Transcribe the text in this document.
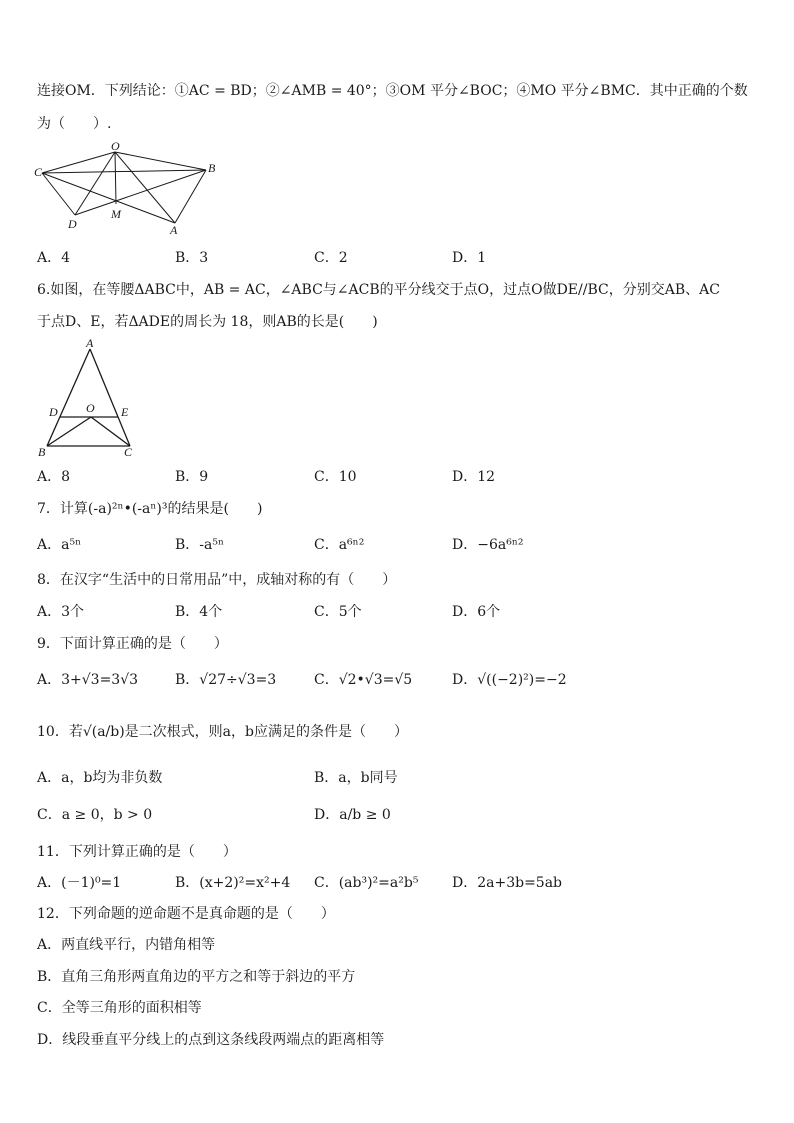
连接OM．下列结论：①AC = BD；②∠AMB = 40°；③OM 平分∠BOC；④MO 平分∠BMC．其中正确的个数
为（　　）.
O
C	B
D
M
A
A．4	B．3	C．2	D．1
6.如图，在等腰ΔABC中，AB = AC，∠ABC与∠ACB的平分线交于点O，过点O做DE//BC，分别交AB、AC
于点D、E，若ΔADE的周长为 18，则AB的长是(　　)
A
D O E
B	C
A．8	B．9	C．10	D．12
7．计算(-a)²ⁿ•(-aⁿ)³的结果是(　　)
A．a⁵ⁿ	B．-a⁵ⁿ	C．a⁶ⁿ²	D．−6a⁶ⁿ²
8．在汉字“生活中的日常用品”中，成轴对称的有（　　）
A．3个	B．4个	C．5个	D．6个
9．下面计算正确的是（　　）
A．3+√3=3√3	B．√27÷√3=3	C．√2•√3=√5	D．√((−2)²)=−2
10．若√(a/b)是二次根式，则a，b应满足的条件是（　　）
A．a，b均为非负数	B．a，b同号
C．a ≥ 0，b > 0	D．a/b ≥ 0
11．下列计算正确的是（　　）
A．(－1)⁰=1	B．(x+2)²=x²+4 C．(ab³)²=a²b⁵ D．2a+3b=5ab
12．下列命题的逆命题不是真命题的是（　　）
A．两直线平行，内错角相等
B．直角三角形两直角边的平方之和等于斜边的平方
C．全等三角形的面积相等
D．线段垂直平分线上的点到这条线段两端点的距离相等
